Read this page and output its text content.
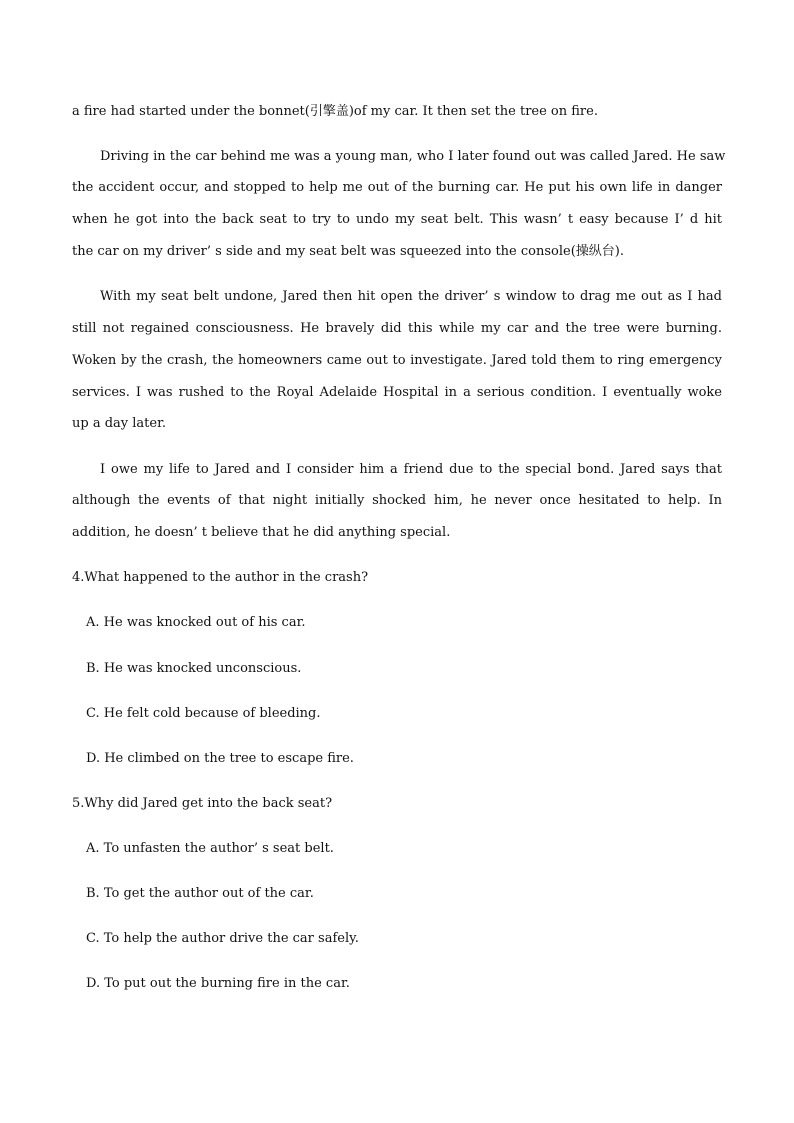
a fire had started under the bonnet(引擎盖)of my car. It then set the tree on fire.
Driving in the car behind me was a young man, who I later found out was called Jared. He saw
the accident occur, and stopped to help me out of the burning car. He put his own life in danger
when he got into the back seat to try to undo my seat belt. This wasn’ t easy because I’ d hit
the car on my driver’ s side and my seat belt was squeezed into the console(操纵台).
With my seat belt undone, Jared then hit open the driver’ s window to drag me out as I had
still not regained consciousness. He bravely did this while my car and the tree were burning.
Woken by the crash, the homeowners came out to investigate. Jared told them to ring emergency
services. I was rushed to the Royal Adelaide Hospital in a serious condition. I eventually woke
up a day later.
I owe my life to Jared and I consider him a friend due to the special bond. Jared says that
although the events of that night initially shocked him, he never once hesitated to help. In
addition, he doesn’ t believe that he did anything special.
4.What happened to the author in the crash?
A. He was knocked out of his car.
B. He was knocked unconscious.
C. He felt cold because of bleeding.
D. He climbed on the tree to escape fire.
5.Why did Jared get into the back seat?
A. To unfasten the author’ s seat belt.
B. To get the author out of the car.
C. To help the author drive the car safely.
D. To put out the burning fire in the car.
